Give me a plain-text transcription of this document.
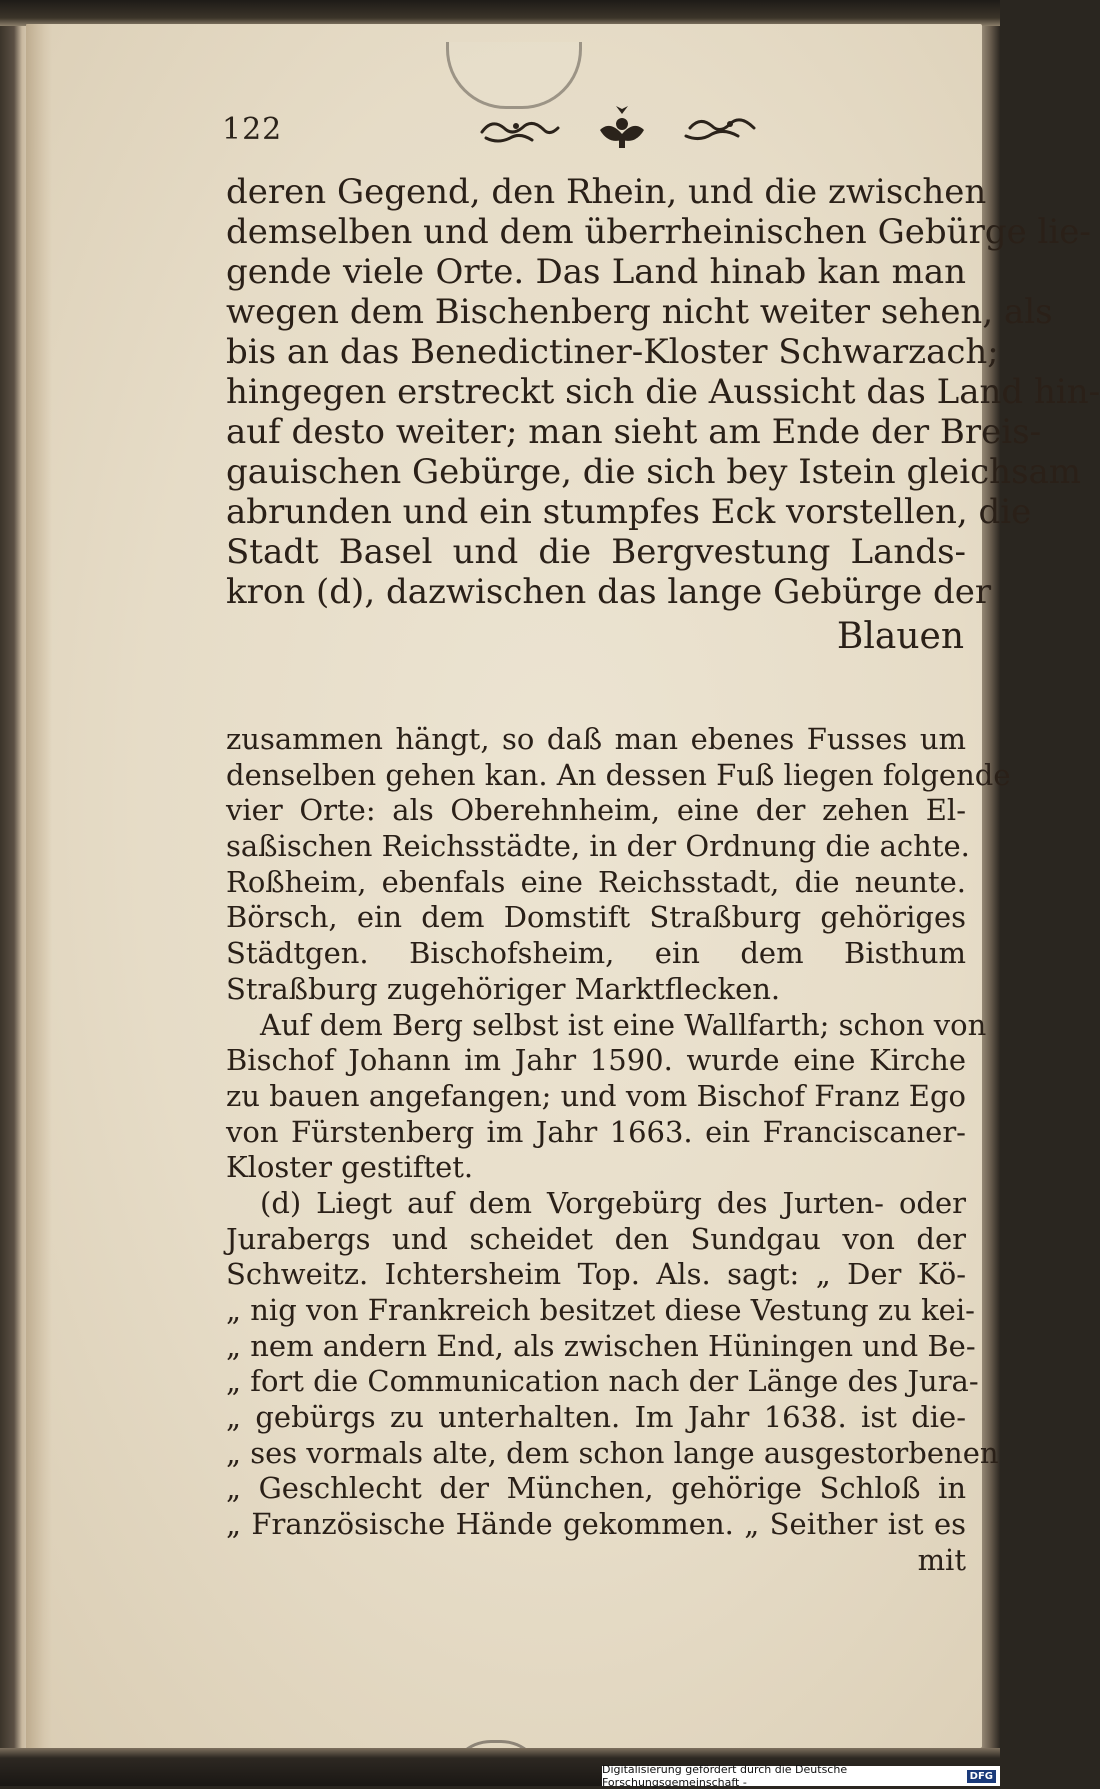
122
deren Gegend, den Rhein, und die zwischen
demselben und dem überrheinischen Gebürge lie-
gende viele Orte. Das Land hinab kan man
wegen dem Bischenberg nicht weiter sehen, als
bis an das Benedictiner-Kloster Schwarzach;
hingegen erstreckt sich die Aussicht das Land hin-
auf desto weiter; man sieht am Ende der Breis-
gauischen Gebürge, die sich bey Istein gleichsam
abrunden und ein stumpfes Eck vorstellen, die
Stadt Basel und die Bergvestung Lands-
kron (d), dazwischen das lange Gebürge der
Blauen
zusammen hängt, so daß man ebenes Fusses um
denselben gehen kan. An dessen Fuß liegen folgende
vier Orte: als Oberehnheim, eine der zehen El-
saßischen Reichsstädte, in der Ordnung die achte.
Roßheim, ebenfals eine Reichsstadt, die neunte.
Börsch, ein dem Domstift Straßburg gehöriges
Städtgen. Bischofsheim, ein dem Bisthum
Straßburg zugehöriger Marktflecken.
Auf dem Berg selbst ist eine Wallfarth; schon von
Bischof Johann im Jahr 1590. wurde eine Kirche
zu bauen angefangen; und vom Bischof Franz Ego
von Fürstenberg im Jahr 1663. ein Franciscaner-
Kloster gestiftet.
(d) Liegt auf dem Vorgebürg des Jurten- oder
Jurabergs und scheidet den Sundgau von der
Schweitz. Ichtersheim Top. Als. sagt: „ Der Kö-
„ nig von Frankreich besitzet diese Vestung zu kei-
„ nem andern End, als zwischen Hüningen und Be-
„ fort die Communication nach der Länge des Jura-
„ gebürgs zu unterhalten. Im Jahr 1638. ist die-
„ ses vormals alte, dem schon lange ausgestorbenen
„ Geschlecht der München, gehörige Schloß in
„ Französische Hände gekommen. „ Seither ist es
mit
Digitalisierung gefördert durch die Deutsche Forschungsgemeinschaft -	DFG
